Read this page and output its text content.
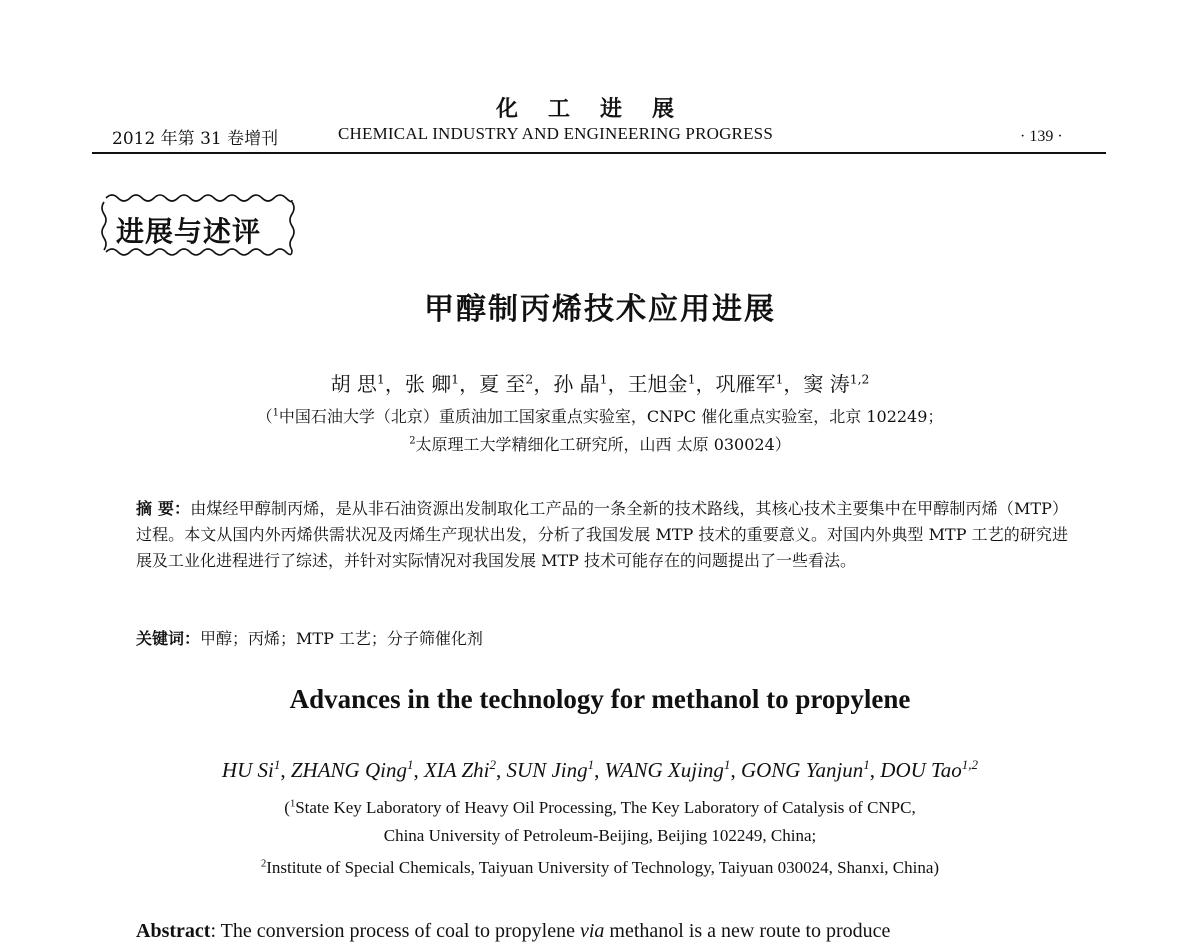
化工进展
2012 年第 31 卷增刊	CHEMICAL INDUSTRY AND ENGINEERING PROGRESS	· 139 ·
进展与述评
甲醇制丙烯技术应用进展
胡 思$^1$，张 卿$^1$，夏 至$^2$，孙 晶$^1$，王旭金$^1$，巩雁军$^1$，窦 涛$^{1,2}$
（$^1$中国石油大学（北京）重质油加工国家重点实验室，CNPC 催化重点实验室，北京 102249；
$^2$太原理工大学精细化工研究所，山西 太原 030024）
摘 要：由煤经甲醇制丙烯，是从非石油资源出发制取化工产品的一条全新的技术路线，其核心技术主要集中在甲醇制丙烯（MTP）过程。本文从国内外丙烯供需状况及丙烯生产现状出发，分析了我国发展 MTP 技术的重要意义。对国内外典型 MTP 工艺的研究进展及工业化进程进行了综述，并针对实际情况对我国发展 MTP 技术可能存在的问题提出了一些看法。
关键词：甲醇；丙烯；MTP 工艺；分子筛催化剂
Advances in the technology for methanol to propylene
HU Si$^1$, ZHANG Qing$^1$, XIA Zhi$^2$, SUN Jing$^1$, WANG Xujing$^1$, GONG Yanjun$^1$, DOU Tao$^{1,2}$
($^1$State Key Laboratory of Heavy Oil Processing, The Key Laboratory of Catalysis of CNPC,
China University of Petroleum-Beijing, Beijing 102249, China;
$^2$Institute of Special Chemicals, Taiyuan University of Technology, Taiyuan 030024, Shanxi, China)
Abstract: The conversion process of coal to propylene via methanol is a new route to produce
